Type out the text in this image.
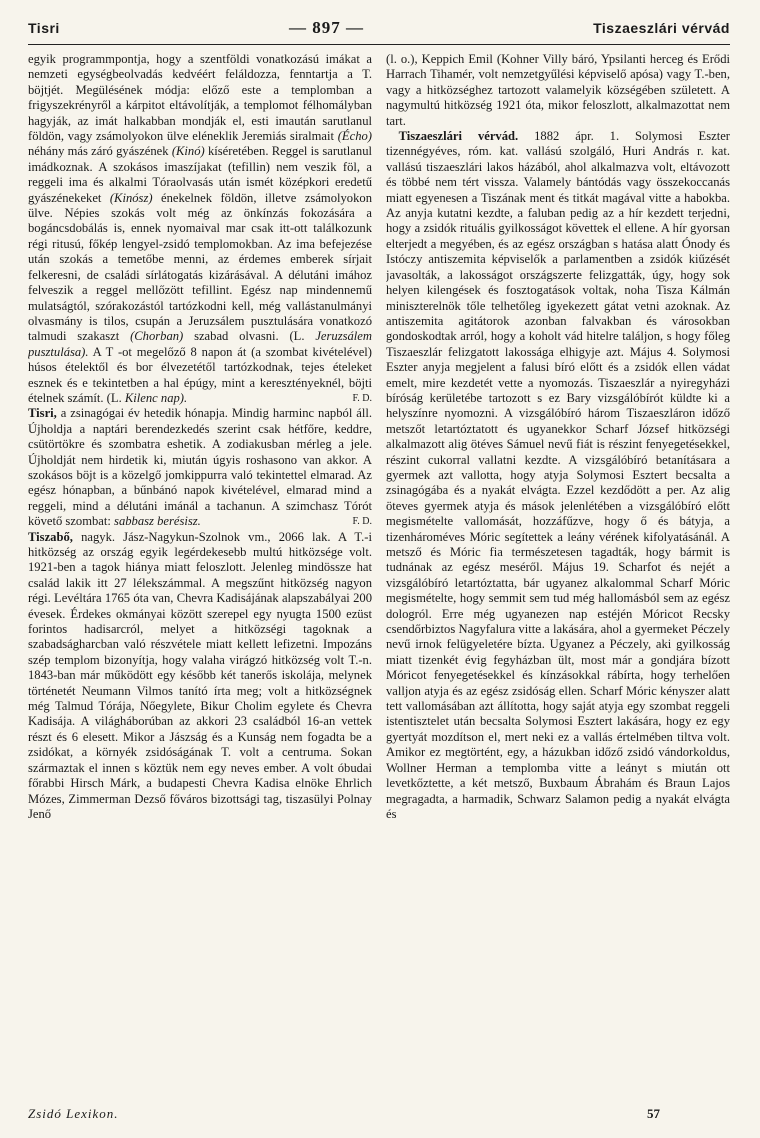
Tisri	— 897 —	Tiszaeszlári vérvád

egyik programmpontja, hogy a szentföldi vonatkozású imákat a nemzeti egységbeolvadás kedvéért feláldozza, fenntartja a T. böjtjét. Megülésének módja: előző este a templomban a frigyszekrényről a kárpitot eltávolítják, a templomot félhomályban hagyják, az imát halkabban mondják el, esti imaután sarutlanul földön, vagy zsámolyokon ülve eléneklik Jeremiás siralmait (Écho) néhány más záró gyászének (Kinó) kíséretében. Reggel is sarutlanul imádkoznak. A szokásos imaszíjakat (tefillin) nem veszik föl, a reggeli ima és alkalmi Tóraolvasás után ismét középkori eredetű gyászénekeket (Kinósz) énekelnek földön, illetve zsámolyokon ülve. Népies szokás volt még az önkínzás fokozására a bogáncsdobálás is, ennek nyomaival mar csak itt-ott találkozunk régi ritusú, főkép lengyel-zsidó templomokban. Az ima befejezése után szokás a temetőbe menni, az érdemes emberek sírjait felkeresni, de családi sírlátogatás kizárásával. A délutáni imához felveszik a reggel mellőzött tefillint. Egész nap mindennemű mulatságtól, szórakozástól tartózkodni kell, még vallástanulmányi olvasmány is tilos, csupán a Jeruzsálem pusztulására vonatkozó talmudi szakaszt (Chorban) szabad olvasni. (L. Jeruzsálem pusztulása). A T -ot megelőző 8 napon át (a szombat kivételével) húsos ételektől és bor élvezetétől tartózkodnak, tejes ételeket esznek és e tekintetben a hal épúgy, mint a keresztényeknél, böjti ételnek számít. (L. Kilenc nap).	F. D.

Tisri, a zsinagógai év hetedik hónapja. Mindig harminc napból áll. Újholdja a naptári berendezkedés szerint csak hétfőre, keddre, csütörtökre és szombatra eshetik. A zodiakusban mérleg a jele. Újholdját nem hirdetik ki, miután úgyis roshasono van akkor. A szokásos böjt is a közelgő jomkippurra való tekintettel elmarad. Az egész hónapban, a bűnbánó napok kivételével, elmarad mind a reggeli, mind a délutáni imánál a tachanun. A szimchasz Tórót követő szombat: sabbasz berésisz.	F. D.

Tiszabő, nagyk. Jász-Nagykun-Szolnok vm., 2066 lak. A T.-i hitközség az ország egyik legérdekesebb multú hitközsége volt. 1921-ben a tagok hiánya miatt feloszlott. Jelenleg mindössze hat család lakik itt 27 lélekszámmal. A megszűnt hitközség nagyon régi. Levéltára 1765 óta van, Chevra Kadisájának alapszabályai 200 évesek. Érdekes okmányai között szerepel egy nyugta 1500 ezüst forintos hadisarcról, melyet a hitközségi tagoknak a szabadságharcban való részvétele miatt kellett lefizetni. Impozáns szép templom bizonyítja, hogy valaha virágzó hitközség volt T.-n. 1843-ban már működött egy később két tanerős iskolája, melynek történetét Neumann Vilmos tanító írta meg; volt a hitközségnek még Talmud Tórája, Nőegylete, Bikur Cholim egylete és Chevra Kadisája. A világháborúban az akkori 23 családból 16-an vettek részt és 6 elesett. Mikor a Jászság és a Kunság nem fogadta be a zsidókat, a környék zsidóságának T. volt a centruma. Sokan származtak el innen s köztük nem egy neves ember. A volt óbudai főrabbi Hirsch Márk, a budapesti Chevra Kadisa elnöke Ehrlich Mózes, Zimmerman Dezső főváros bizottsági tag, tiszasülyi Polnay Jenő

(l. o.), Keppich Emil (Kohner Villy báró, Ypsilanti herceg és Erődi Harrach Tihamér, volt nemzetgyűlési képviselő apósa) vagy T.-ben, vagy a hitközséghez tartozott valamelyik községében született. A nagymultú hitközség 1921 óta, mikor feloszlott, alkalmazottat nem tart.

 Tiszaeszlári vérvád. 1882 ápr. 1. Solymosi Eszter tizennégyéves, róm. kat. vallású szolgáló, Huri András r. kat. vallású tiszaeszlári lakos házából, ahol alkalmazva volt, eltávozott és többé nem tért vissza. Valamely bántódás vagy összekoccanás miatt egyenesen a Tiszának ment és titkát magával vitte a habokba. Az anyja kutatni kezdte, a faluban pedig az a hír kezdett terjedni, hogy a zsidók rituális gyilkosságot követtek el ellene. A hír gyorsan elterjedt a megyében, és az egész országban s hatása alatt Ónody és Istóczy antiszemita képviselők a parlamentben a zsidók kiűzését javasolták, a lakosságot országszerte felizgatták, úgy, hogy sok helyen kilengések és fosztogatások voltak, noha Tisza Kálmán miniszterelnök tőle telhetőleg igyekezett gátat vetni azoknak. Az antiszemita agitátorok azonban falvakban és városokban gondoskodtak arról, hogy a koholt vád hitelre találjon, s hogy főleg Tiszaeszlár felizgatott lakossága elhigyje azt. Május 4. Solymosi Eszter anyja megjelent a falusi bíró előtt és a zsidók ellen vádat emelt, mire kezdetét vette a nyomozás. Tiszaeszlár a nyiregyházi bíróság kerületébe tartozott s ez Bary vizsgálóbírót küldte ki a helyszínre nyomozni. A vizsgálóbíró három Tiszaeszláron időző metszőt letartóztatott és ugyanekkor Scharf József hitközségi alkalmazott alig ötéves Sámuel nevű fiát is részint fenyegetésekkel, részint cukorral vallatni kezdte. A vizsgálóbíró betanításara a gyermek azt vallotta, hogy atyja Solymosi Esztert becsalta a zsinagógába és a nyakát elvágta. Ezzel kezdődött a per. Az alig öteves gyermek atyja és mások jelenlétében a vizsgálóbíró előtt megismételte vallomását, hozzáfűzve, hogy ő és bátyja, a tizenhároméves Móric segítettek a leány vérének kifolyatásánál. A metsző és Móric fia természetesen tagadták, hogy bármit is tudnának az egész meséről. Május 19. Scharfot és nejét a vizsgálóbíró letartóztatta, bár ugyanez alkalommal Scharf Móric megismételte, hogy semmit sem tud még hallomásból sem az egész dologról. Erre még ugyanezen nap estéjén Móricot Recsky csendőrbiztos Nagyfalura vitte a lakására, ahol a gyermeket Péczely nevű irnok felügyeletére bízta. Ugyanez a Péczely, aki gyilkosság miatt tizenkét évig fegyházban ült, most már a gondjára bízott Móricot fenyegetésekkel és kínzásokkal rábírta, hogy terhelően valljon atyja és az egész zsidóság ellen. Scharf Móric kényszer alatt tett vallomásában azt állította, hogy saját atyja egy szombat reggeli istentisztelet után becsalta Solymosi Esztert lakására, hogy ez egy gyertyát mozdítson el, mert neki ez a vallás értelmében tiltva volt. Amikor ez megtörtént, egy, a házukban időző zsidó vándorkoldus, Wollner Herman a templomba vitte a leányt s miután ott levetkőztette, a két metsző, Buxbaum Ábrahám és Braun Lajos megragadta, a harmadik, Schwarz Salamon pedig a nyakát elvágta és

Zsidó Lexikon.	57
